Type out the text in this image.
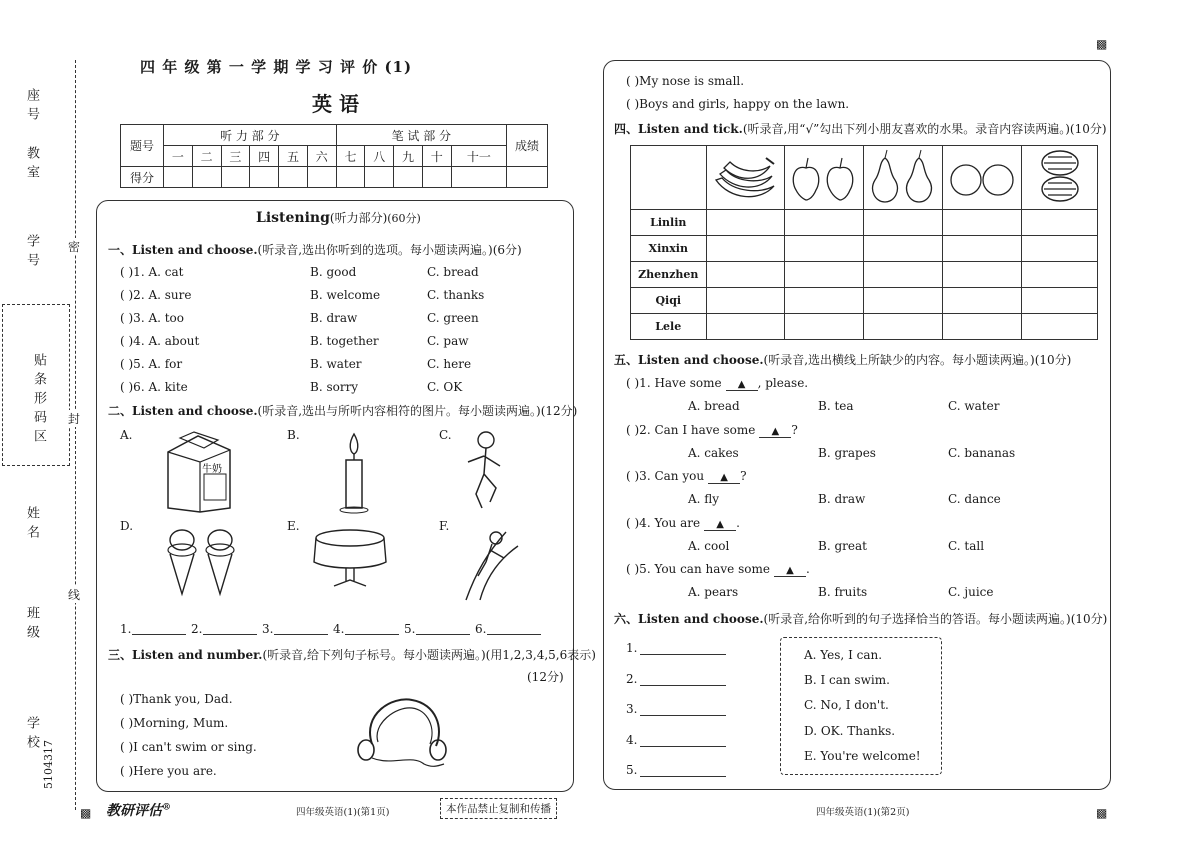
▩
▩	▩
座号
教室
学号
贴条形码区
姓名
班级
学校
密
封
线
5104317
四 年 级 第 一 学 期 学 习 评 价 (1)
英 语
题号	听 力 部 分						笔 试 部 分					成绩
	一	二	三	四	五	六	七	八	九	十	十一	
得分												
Listening(听力部分)(60分)
一、Listen and choose.(听录音,选出你听到的选项。每小题读两遍。)(6分)
( )1. A. cat	B. good	C. bread
( )2. A. sure	B. welcome	C. thanks
( )3. A. too	B. draw	C. green
( )4. A. about	B. together	C. paw
( )5. A. for	B. water	C. here
( )6. A. kite	B. sorry	C. OK
二、Listen and choose.(听录音,选出与所听内容相符的图片。每小题读两遍。)(12分)
A.	B.	C.
D.	E.	F.
牛奶
1.	2.	3.	4.	5.	6.
三、Listen and number.(听录音,给下列句子标号。每小题读两遍。)(用1,2,3,4,5,6表示)
(12分)
( )Thank you, Dad.
( )Morning, Mum.
( )I can't swim or sing.
( )Here you are.
教研评估®	四年级英语(1)(第1页)	本作品禁止复制和传播
( )My nose is small.
( )Boys and girls, happy on the lawn.
四、Listen and tick.(听录音,用“√”勾出下列小朋友喜欢的水果。录音内容读两遍。)(10分)

Linlin					
Xinxin					
Zhenzhen					
Qiqi					
Lele					
五、Listen and choose.(听录音,选出横线上所缺少的内容。每小题读两遍。)(10分)
( )1. Have some ▲ , please.
A. bread	B. tea	C. water
( )2. Can I have some ▲ ?
A. cakes	B. grapes	C. bananas
( )3. Can you ▲ ?
A. fly	B. draw	C. dance
( )4. You are ▲ .
A. cool	B. great	C. tall
( )5. You can have some ▲ .
A. pears	B. fruits	C. juice
六、Listen and choose.(听录音,给你听到的句子选择恰当的答语。每小题读两遍。)(10分)
1.
2.
3.
4.
5.
A. Yes, I can.
B. I can swim.
C. No, I don't.
D. OK. Thanks.
E. You're welcome!
四年级英语(1)(第2页)
